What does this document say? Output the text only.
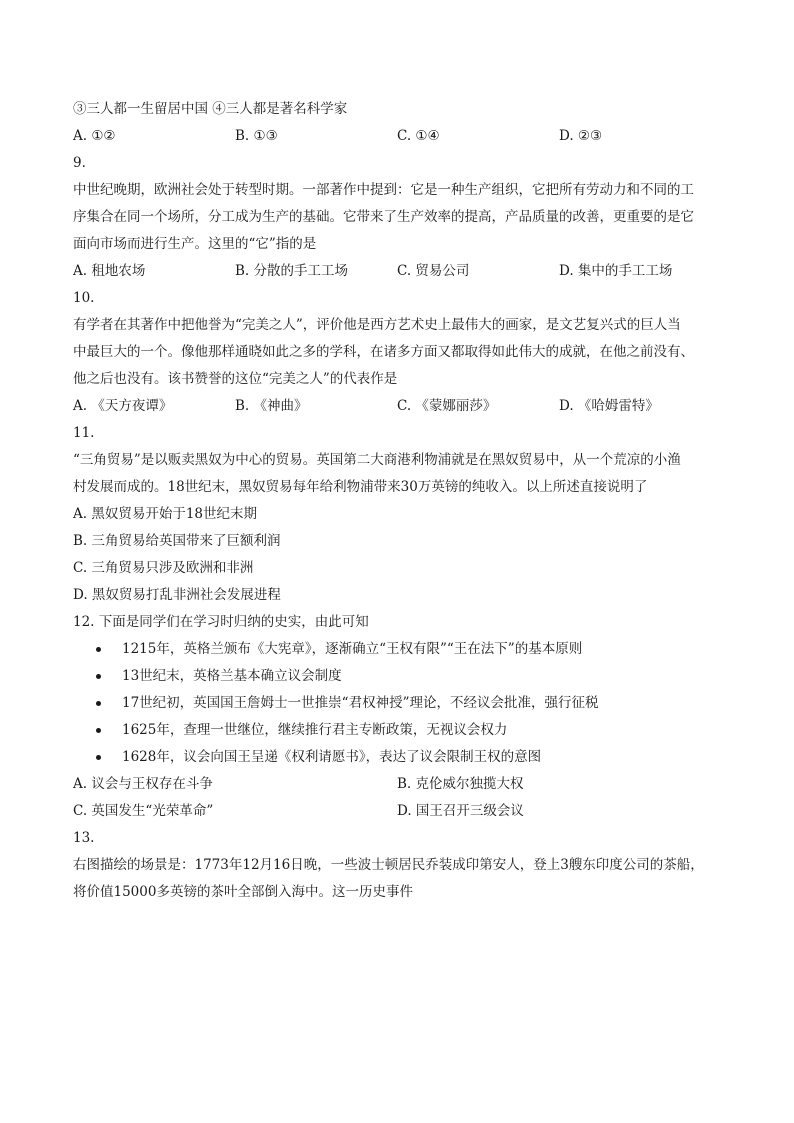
③三人都一生留居中国 ④三人都是著名科学家
A. ①②	B. ①③	C. ①④	D. ②③
9.
中世纪晚期，欧洲社会处于转型时期。一部著作中提到：它是一种生产组织，它把所有劳动力和不同的工
序集合在同一个场所，分工成为生产的基础。它带来了生产效率的提高，产品质量的改善，更重要的是它
面向市场而进行生产。这里的“它”指的是
A. 租地农场	B. 分散的手工工场	C. 贸易公司	D. 集中的手工工场
10.
有学者在其著作中把他誉为“完美之人”，评价他是西方艺术史上最伟大的画家，是文艺复兴式的巨人当
中最巨大的一个。像他那样通晓如此之多的学科，在诸多方面又都取得如此伟大的成就，在他之前没有、
他之后也没有。该书赞誉的这位“完美之人”的代表作是
A. 《天方夜谭》	B. 《神曲》	C. 《蒙娜丽莎》	D. 《哈姆雷特》
11.
“三角贸易”是以贩卖黑奴为中心的贸易。英国第二大商港利物浦就是在黑奴贸易中，从一个荒凉的小渔
村发展而成的。18世纪末，黑奴贸易每年给利物浦带来30万英镑的纯收入。以上所述直接说明了
A. 黑奴贸易开始于18世纪末期
B. 三角贸易给英国带来了巨额利润
C. 三角贸易只涉及欧洲和非洲
D. 黑奴贸易打乱非洲社会发展进程
12. 下面是同学们在学习时归纳的史实，由此可知
1215年，英格兰颁布《大宪章》，逐渐确立“王权有限”“王在法下”的基本原则
13世纪末，英格兰基本确立议会制度
17世纪初，英国国王詹姆士一世推崇“君权神授”理论，不经议会批准，强行征税
1625年，查理一世继位，继续推行君主专断政策，无视议会权力
1628年，议会向国王呈递《权利请愿书》，表达了议会限制王权的意图
A. 议会与王权存在斗争	B. 克伦威尔独揽大权
C. 英国发生“光荣革命”	D. 国王召开三级会议
13.
右图描绘的场景是：1773年12月16日晚，一些波士顿居民乔装成印第安人，登上3艘东印度公司的茶船，
将价值15000多英镑的茶叶全部倒入海中。这一历史事件
